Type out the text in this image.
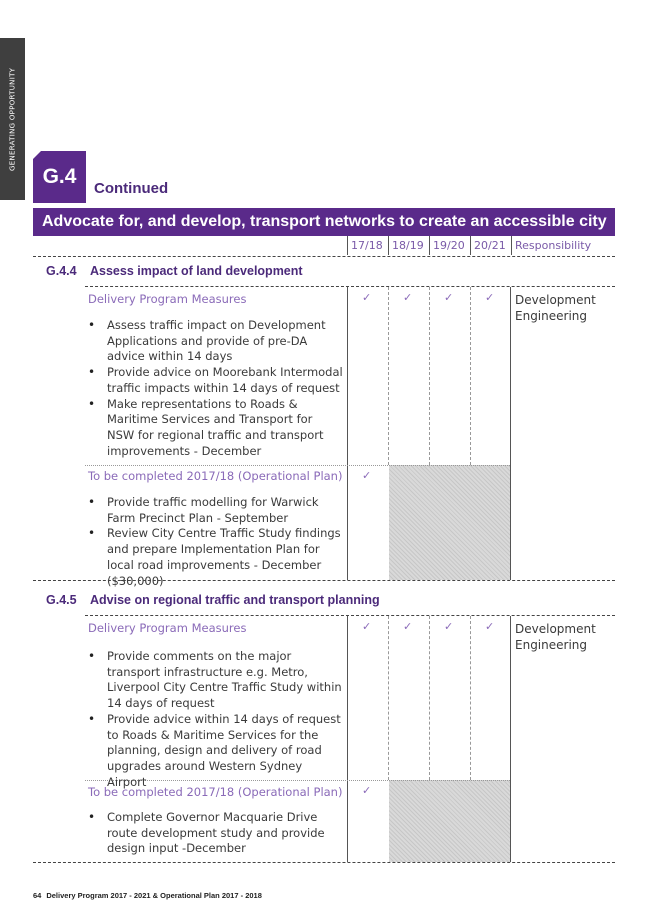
GENERATING OPPORTUNITY
G.4
Continued
Advocate for, and develop, transport networks to create an accessible city
17/18 18/19 19/20 20/21 Responsibility
G.4.4 Assess impact of land development
Delivery Program Measures	✓	✓	✓	✓ Development Engineering
• Assess traffic impact on Development Applications and provide of pre-DA advice within 14 days
• Provide advice on Moorebank Intermodal traffic impacts within 14 days of request
• Make representations to Roads & Maritime Services and Transport for NSW for regional traffic and transport improvements - December
To be completed 2017/18 (Operational Plan) ✓
• Provide traffic modelling for Warwick Farm Precinct Plan - September
• Review City Centre Traffic Study findings and prepare Implementation Plan for local road improvements - December ($30,000)
G.4.5 Advise on regional traffic and transport planning
Delivery Program Measures	✓	✓	✓	✓ Development Engineering
• Provide comments on the major transport infrastructure e.g. Metro, Liverpool City Centre Traffic Study within 14 days of request
• Provide advice within 14 days of request to Roads & Maritime Services for the planning, design and delivery of road upgrades around Western Sydney Airport
To be completed 2017/18 (Operational Plan) ✓
• Complete Governor Macquarie Drive route development study and provide design input -December
64 Delivery Program 2017 - 2021 & Operational Plan 2017 - 2018
